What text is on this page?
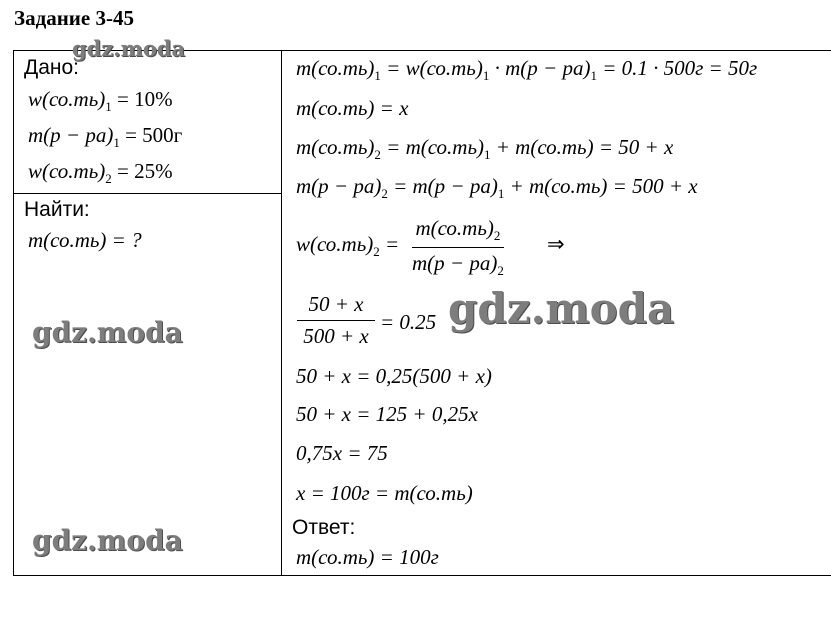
Задание 3-45
Дано:
$w(со.ть)_1 = 10\%$
$m(p - pa)_1 = 500г$
$w(со.ть)_2 = 25\%$
Найти:
m(со.ть) = ?
$m(со.ть)_1 = w(со.ть)_1 \cdot m(p - pa)_1 = 0.1 \cdot 500г = 50г$
m(со.ть) = x
$m(со.ть)_2 = m(со.ть)_1 + m(со.ть) = 50 + x$
$m(p - pa)_2 = m(p - pa)_1 + m(со.ть) = 500 + x$
$w(со.ть)_2$ =
$m(со.ть)_2$
$m(p - pa)_2$
⇒
50 + x
500 + x
= 0.25
50 + x = 0,25(500 + x)
50 + x = 125 + 0,25x
0,75x = 75
x = 100г = m(со.ть)
Ответ:
m(со.ть) = 100г
gdz.moda
gdz.moda	gdz.moda
gdz.moda
